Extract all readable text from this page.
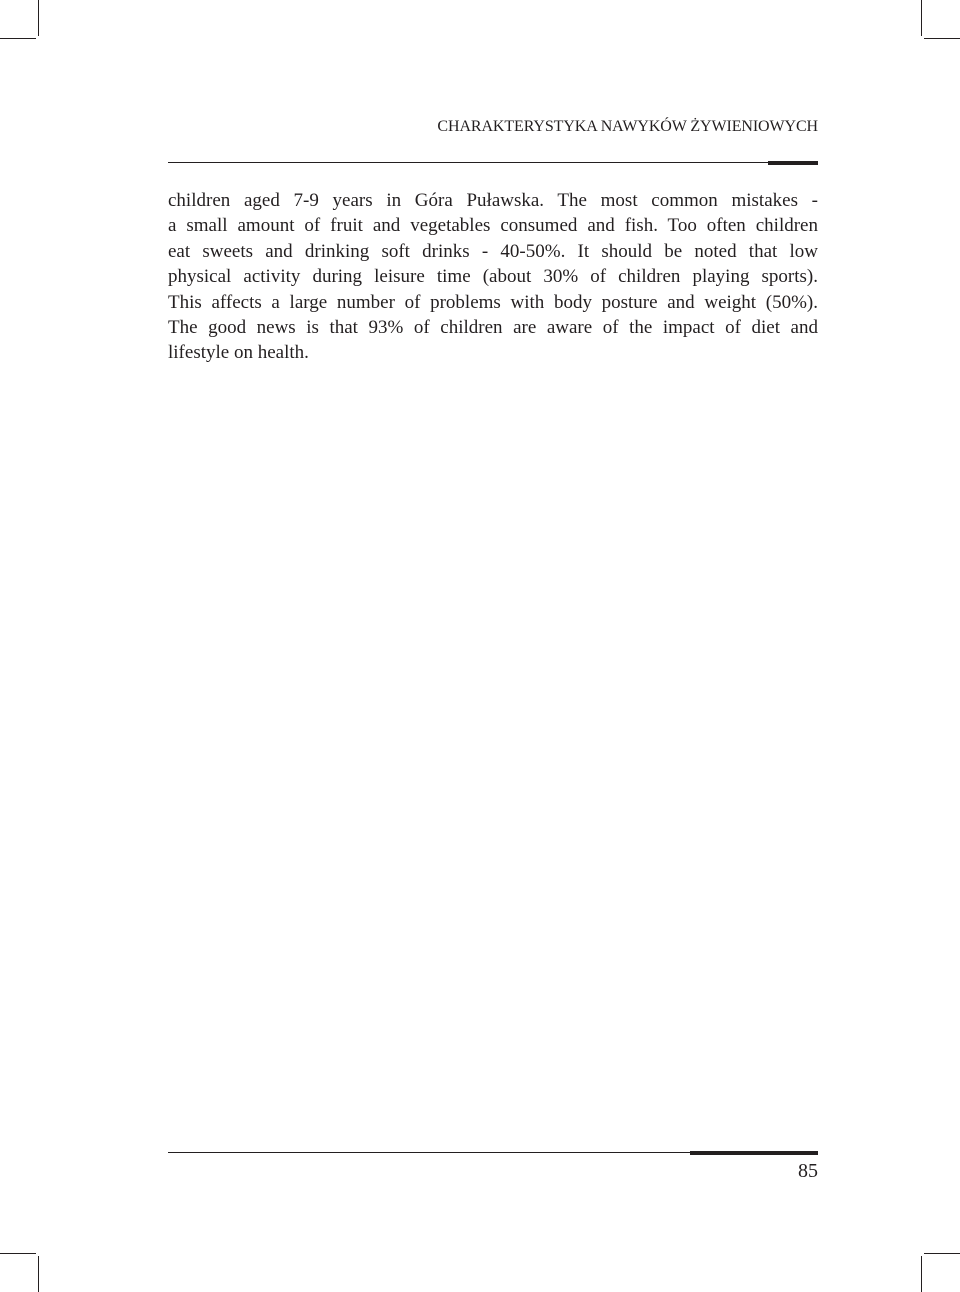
CHARAKTERYSTYKA NAWYKÓW ŻYWIENIOWYCH

children aged 7-9 years in Góra Puławska. The most common mistakes -
a small amount of fruit and vegetables consumed and fish. Too often children
eat sweets and drinking soft drinks - 40-50%. It should be noted that low
physical activity during leisure time (about 30% of children playing sports).
This affects a large number of problems with body posture and weight (50%).
The good news is that 93% of children are aware of the impact of diet and
lifestyle on health.

85
